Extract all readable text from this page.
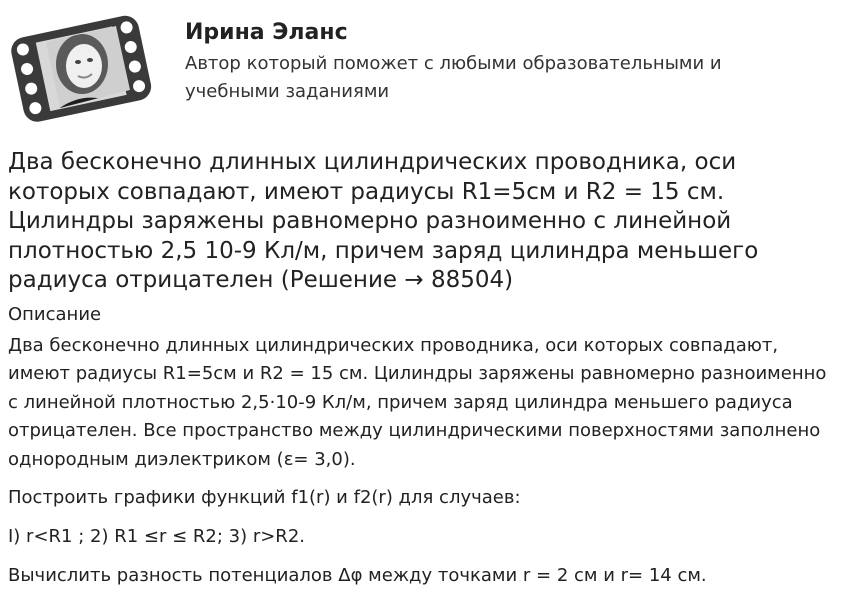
Ирина Эланс
Автор который поможет с любыми образовательными и учебными заданиями
Два бесконечно длинных цилиндрических проводника, оси которых совпадают, имеют радиусы R1=5см и R2 = 15 см. Цилиндры заряжены равномерно разноименно с линейной плотностью 2,5 10-9 Кл/м, причем заряд цилиндра меньшего радиуса отрицателен (Решение → 88504)
Описание

Два бесконечно длинных цилиндрических проводника, оси которых совпадают, имеют радиусы R1=5см и R2 = 15 см. Цилиндры заряжены равномерно разноименно с линейной плотностью 2,5·10-9 Кл/м, причем заряд цилиндра меньшего радиуса отрицателен. Все пространство между цилиндрическими поверхностями заполнено однородным диэлектриком (ε= 3,0).

Построить графики функций f1(r) и f2(r) для случаев:

I) r<R1 ; 2) R1 ≤r ≤ R2; 3) r>R2.

Вычислить разность потенциалов Δφ между точками r = 2 см и r= 14 см.
